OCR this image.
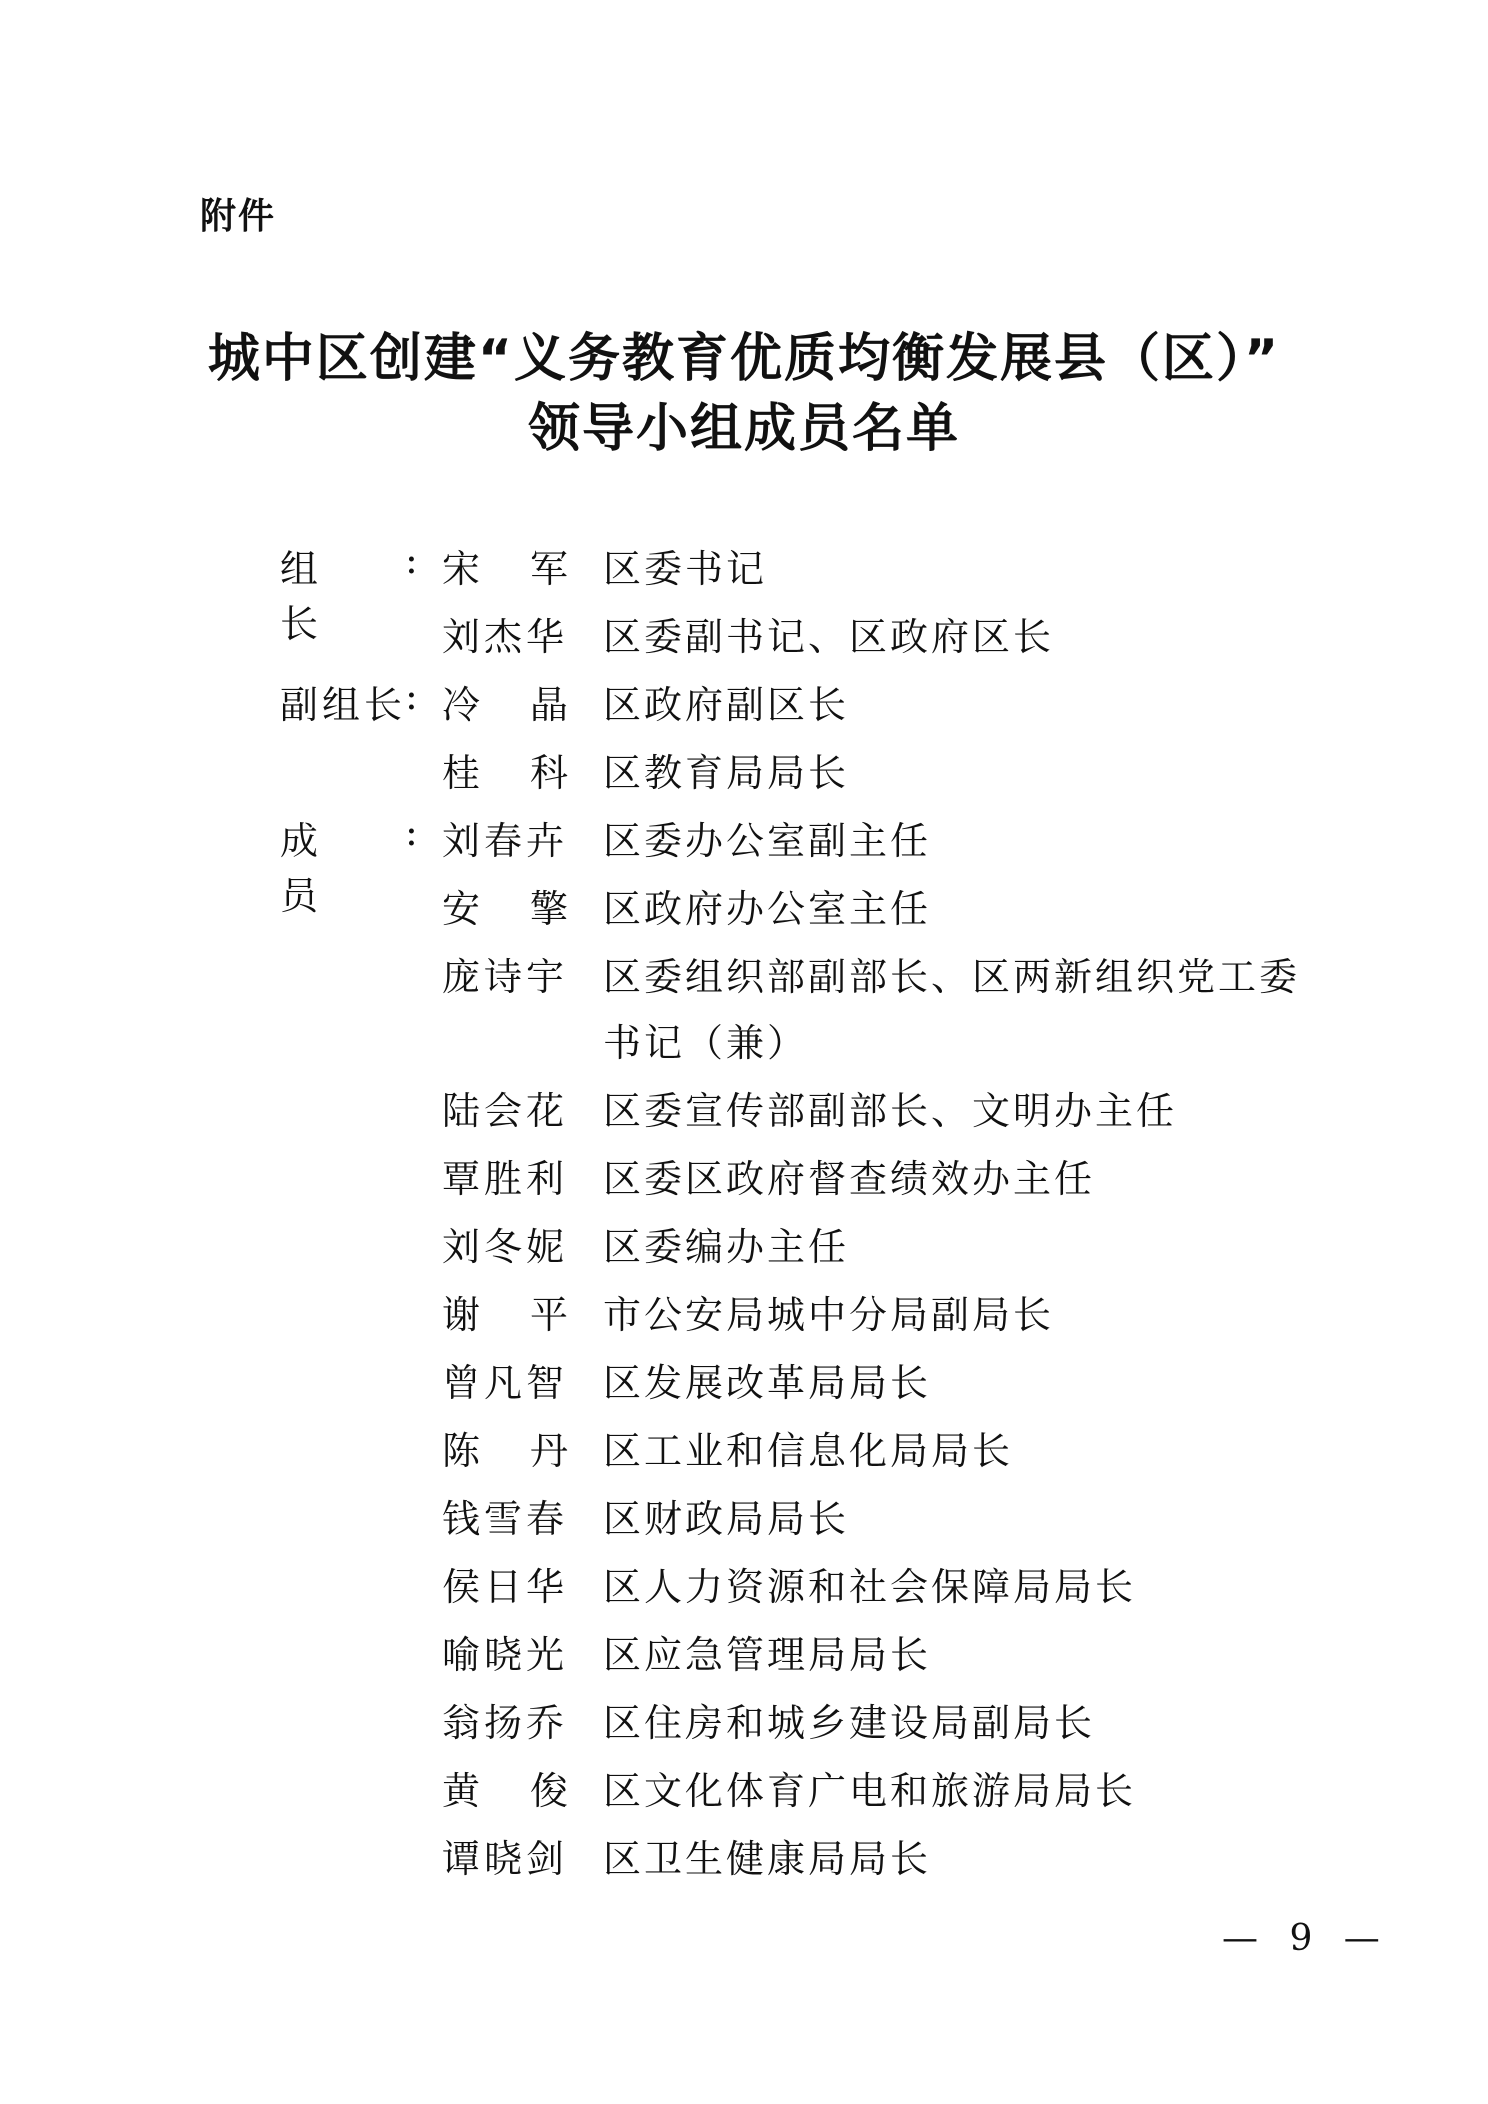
附件
城中区创建“义务教育优质均衡发展县（区）”
领导小组成员名单
组长
: 宋军
区委书记
刘杰华 区委副书记、区政府区长
副组长
: 冷晶
区政府副区长
桂科
区教育局局长
成员
: 刘春卉 区委办公室副主任
安擎
区政府办公室主任
庞诗宇 区委组织部副部长、区两新组织党工委
书记（兼）
陆会花 区委宣传部副部长、文明办主任
覃胜利 区委区政府督查绩效办主任
刘冬妮 区委编办主任
谢平
市公安局城中分局副局长
曾凡智 区发展改革局局长
陈丹
区工业和信息化局局长
钱雪春 区财政局局长
侯日华 区人力资源和社会保障局局长
喻晓光 区应急管理局局长
翁扬乔 区住房和城乡建设局副局长
黄俊
区文化体育广电和旅游局局长
谭晓剑 区卫生健康局局长
— 9 —
